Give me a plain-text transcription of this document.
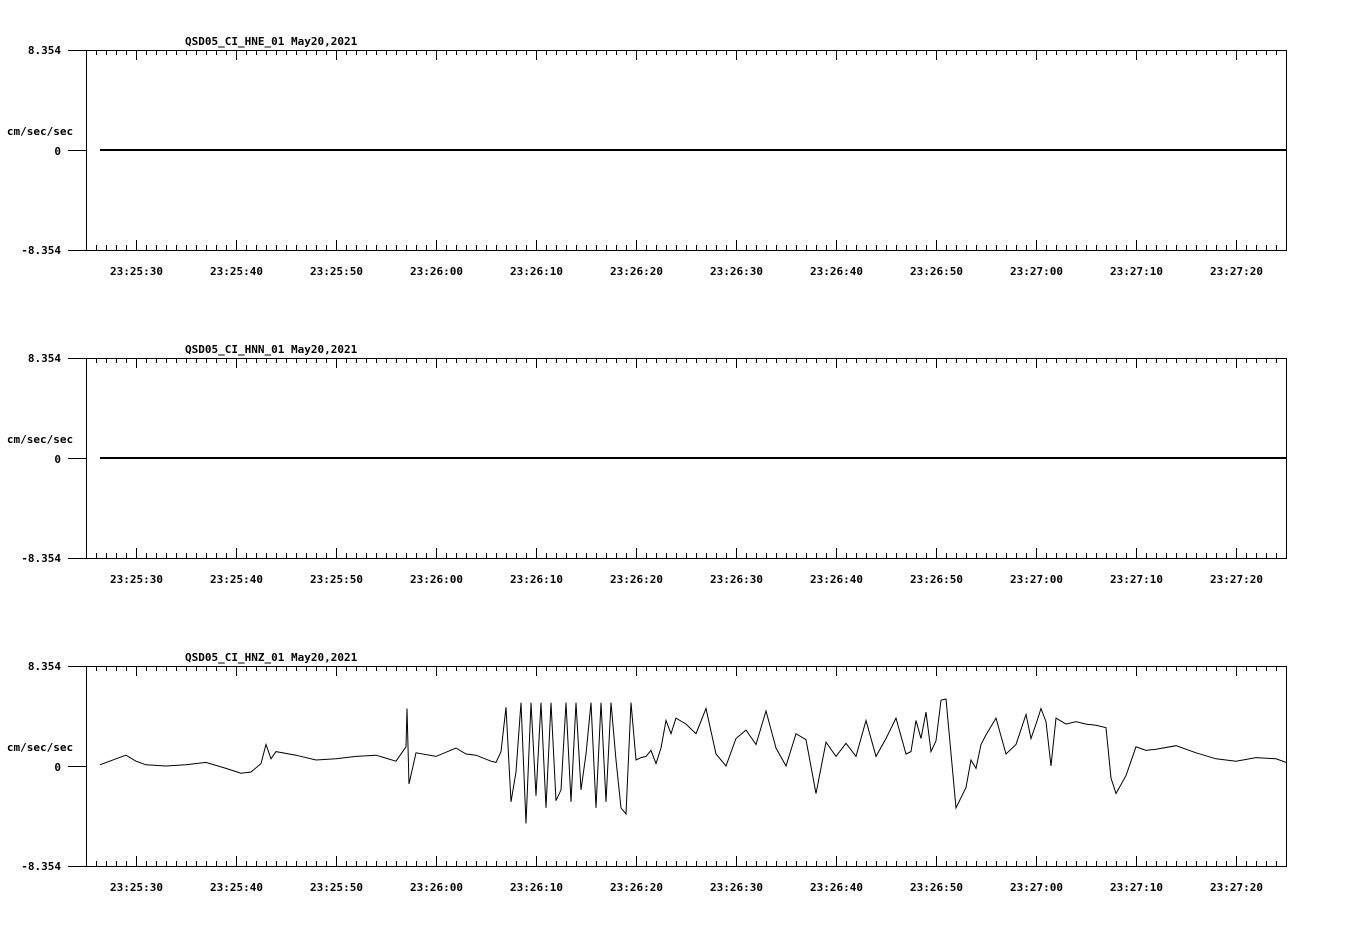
QSD05_CI_HNE_01 May20,2021
8.354
0
-8.354
cm/sec/sec
23:25:30	23:25:40	23:25:50	23:26:00	23:26:10	23:26:20	23:26:30	23:26:40	23:26:50	23:27:00	23:27:10	23:27:20
QSD05_CI_HNN_01 May20,2021
8.354
0
-8.354
cm/sec/sec
23:25:30	23:25:40	23:25:50	23:26:00	23:26:10	23:26:20	23:26:30	23:26:40	23:26:50	23:27:00	23:27:10	23:27:20
QSD05_CI_HNZ_01 May20,2021
8.354
0
-8.354
cm/sec/sec
23:25:30	23:25:40	23:25:50	23:26:00	23:26:10	23:26:20	23:26:30	23:26:40	23:26:50	23:27:00	23:27:10	23:27:20
